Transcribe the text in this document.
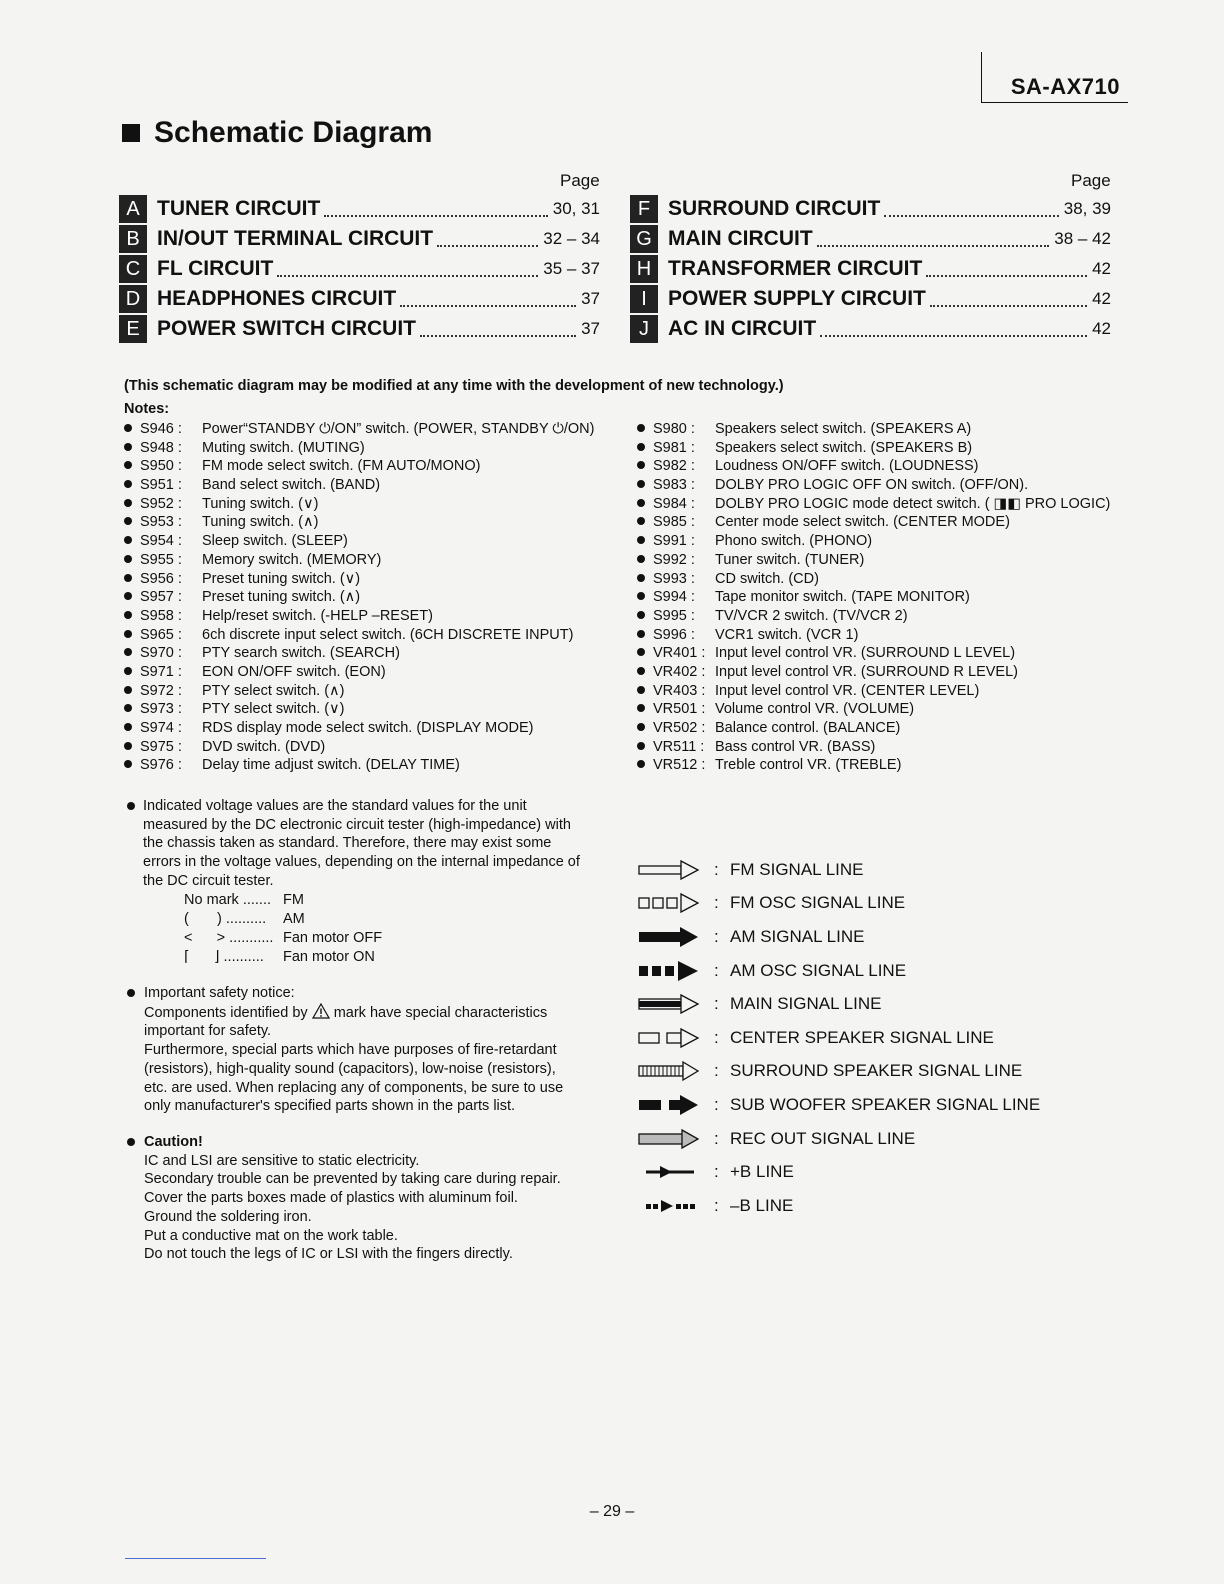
SA-AX710
Schematic Diagram
Page
A TUNER CIRCUIT	30, 31
B IN/OUT TERMINAL CIRCUIT	32 – 34
C FL CIRCUIT	35 – 37
D HEADPHONES CIRCUIT	37
E POWER SWITCH CIRCUIT	37
Page
F SURROUND CIRCUIT	38, 39
G MAIN CIRCUIT	38 – 42
H TRANSFORMER CIRCUIT	42
I	POWER SUPPLY CIRCUIT	42
J AC IN CIRCUIT	42
(This schematic diagram may be modified at any time with the development of new technology.)
Notes:
S946 :	Power“STANDBY ⏻/ON” switch. (POWER, STANDBY ⏻/ON)
S948 :	Muting switch. (MUTING)
S950 :	FM mode select switch. (FM AUTO/MONO)
S951 :	Band select switch. (BAND)
S952 :	Tuning switch. (∨)
S953 :	Tuning switch. (∧)
S954 :	Sleep switch. (SLEEP)
S955 :	Memory switch. (MEMORY)
S956 :	Preset tuning switch. (∨)
S957 :	Preset tuning switch. (∧)
S958 :	Help/reset switch. (-HELP –RESET)
S965 :	6ch discrete input select switch. (6CH DISCRETE INPUT)
S970 :	PTY search switch. (SEARCH)
S971 :	EON ON/OFF switch. (EON)
S972 :	PTY select switch. (∧)
S973 :	PTY select switch. (∨)
S974 :	RDS display mode select switch. (DISPLAY MODE)
S975 :	DVD switch. (DVD)
S976 :	Delay time adjust switch. (DELAY TIME)
S980 :	Speakers select switch. (SPEAKERS A)
S981 :	Speakers select switch. (SPEAKERS B)
S982 :	Loudness ON/OFF switch. (LOUDNESS)
S983 :	DOLBY PRO LOGIC OFF ON switch. (OFF/ON).
S984 :	DOLBY PRO LOGIC mode detect switch. ( ◨◧ PRO LOGIC)
S985 :	Center mode select switch. (CENTER MODE)
S991 :	Phono switch. (PHONO)
S992 :	Tuner switch. (TUNER)
S993 :	CD switch. (CD)
S994 :	Tape monitor switch. (TAPE MONITOR)
S995 :	TV/VCR 2 switch. (TV/VCR 2)
S996 :	VCR1 switch. (VCR 1)
VR401 : Input level control VR. (SURROUND L LEVEL)
VR402 : Input level control VR. (SURROUND R LEVEL)
VR403 : Input level control VR. (CENTER LEVEL)
VR501 : Volume control VR. (VOLUME)
VR502 : Balance control. (BALANCE)
VR511 : Bass control VR. (BASS)
VR512 : Treble control VR. (TREBLE)
Indicated voltage values are the standard values for the unit
measured by the DC electronic circuit tester (high-impedance) with
the chassis taken as standard. Therefore, there may exist some
errors in the voltage values, depending on the internal impedance of
the DC circuit tester.
No mark ....... FM
(       ) ..........	AM
<      > ........... Fan motor OFF
⌈      ⌋ ..........	Fan motor ON
Important safety notice:
Components identified by mark have special characteristics
important for safety.
Furthermore, special parts which have purposes of fire-retardant
(resistors), high-quality sound (capacitors), low-noise (resistors),
etc. are used. When replacing any of components, be sure to use
only manufacturer's specified parts shown in the parts list.
Caution!
IC and LSI are sensitive to static electricity.
Secondary trouble can be prevented by taking care during repair.
Cover the parts boxes made of plastics with aluminum foil.
Ground the soldering iron.
Put a conductive mat on the work table.
Do not touch the legs of IC or LSI with the fingers directly.
: FM SIGNAL LINE
: FM OSC SIGNAL LINE
: AM SIGNAL LINE
: AM OSC SIGNAL LINE
: MAIN SIGNAL LINE
: CENTER SPEAKER SIGNAL LINE
: SURROUND SPEAKER SIGNAL LINE
: SUB WOOFER SPEAKER SIGNAL LINE
: REC OUT SIGNAL LINE
: +B LINE
: –B LINE
– 29 –
